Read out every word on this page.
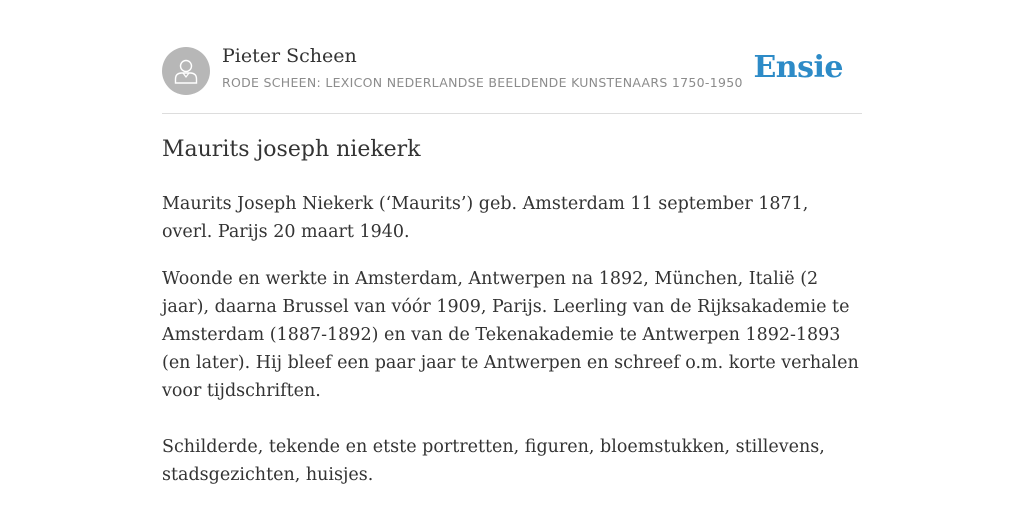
Pieter Scheen
RODE SCHEEN: LEXICON NEDERLANDSE BEELDENDE KUNSTENAARS 1750-1950 Ensie
Maurits joseph niekerk

Maurits Joseph Niekerk (‘Maurits’) geb. Amsterdam 11 september 1871, overl. Parijs 20 maart 1940.

Woonde en werkte in Amsterdam, Antwerpen na 1892, München, Italië (2 jaar), daarna Brussel van vóór 1909, Parijs. Leerling van de Rijksakademie te Amsterdam (1887-1892) en van de Tekenakademie te Antwerpen 1892-1893 (en later). Hij bleef een paar jaar te Antwerpen en schreef o.m. korte verhalen voor tijdschriften.

Schilderde, tekende en etste portretten, figuren, bloemstukken, stillevens, stadsgezichten, huisjes.
